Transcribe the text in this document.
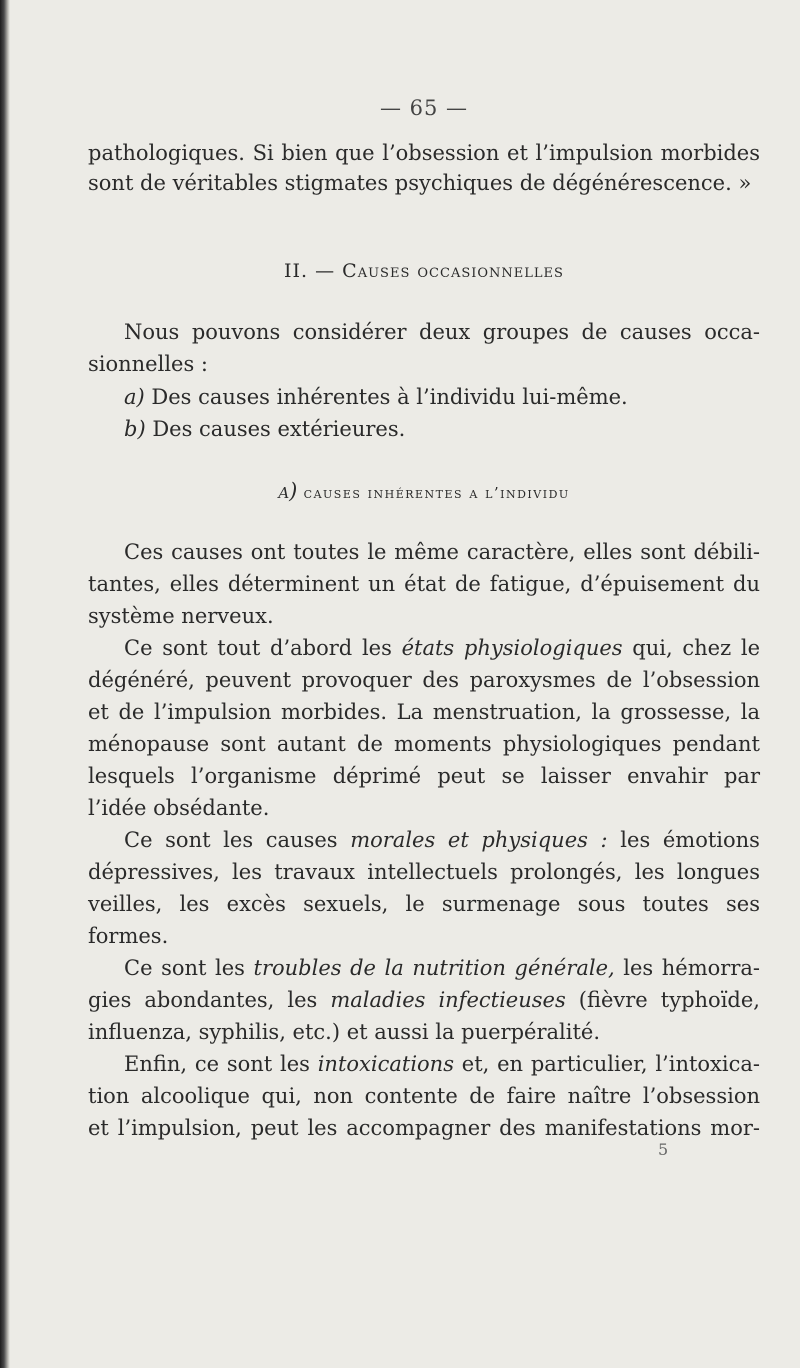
— 65 —
pathologiques. Si bien que l’obsession et l’impulsion morbides
sont de véritables stigmates psychiques de dégénérescence. »
II. — Causes occasionnelles
Nous pouvons considérer deux groupes de causes occa-
sionnelles :
a) Des causes inhérentes à l’individu lui-même.
b) Des causes extérieures.
a) causes inhérentes a l’individu
Ces causes ont toutes le même caractère, elles sont débili-
tantes, elles déterminent un état de fatigue, d’épuisement du
système nerveux.
Ce sont tout d’abord les états physiologiques qui, chez le
dégénéré, peuvent provoquer des paroxysmes de l’obsession
et de l’impulsion morbides. La menstruation, la grossesse, la
ménopause sont autant de moments physiologiques pendant
lesquels l’organisme déprimé peut se laisser envahir par
l’idée obsédante.
Ce sont les causes morales et physiques : les émotions
dépressives, les travaux intellectuels prolongés, les longues
veilles, les excès sexuels, le surmenage sous toutes ses
formes.
Ce sont les troubles de la nutrition générale, les hémorra-
gies abondantes, les maladies infectieuses (fièvre typhoïde,
influenza, syphilis, etc.) et aussi la puerpéralité.
Enfin, ce sont les intoxications et, en particulier, l’intoxica-
tion alcoolique qui, non contente de faire naître l’obsession
et l’impulsion, peut les accompagner des manifestations mor-
5
